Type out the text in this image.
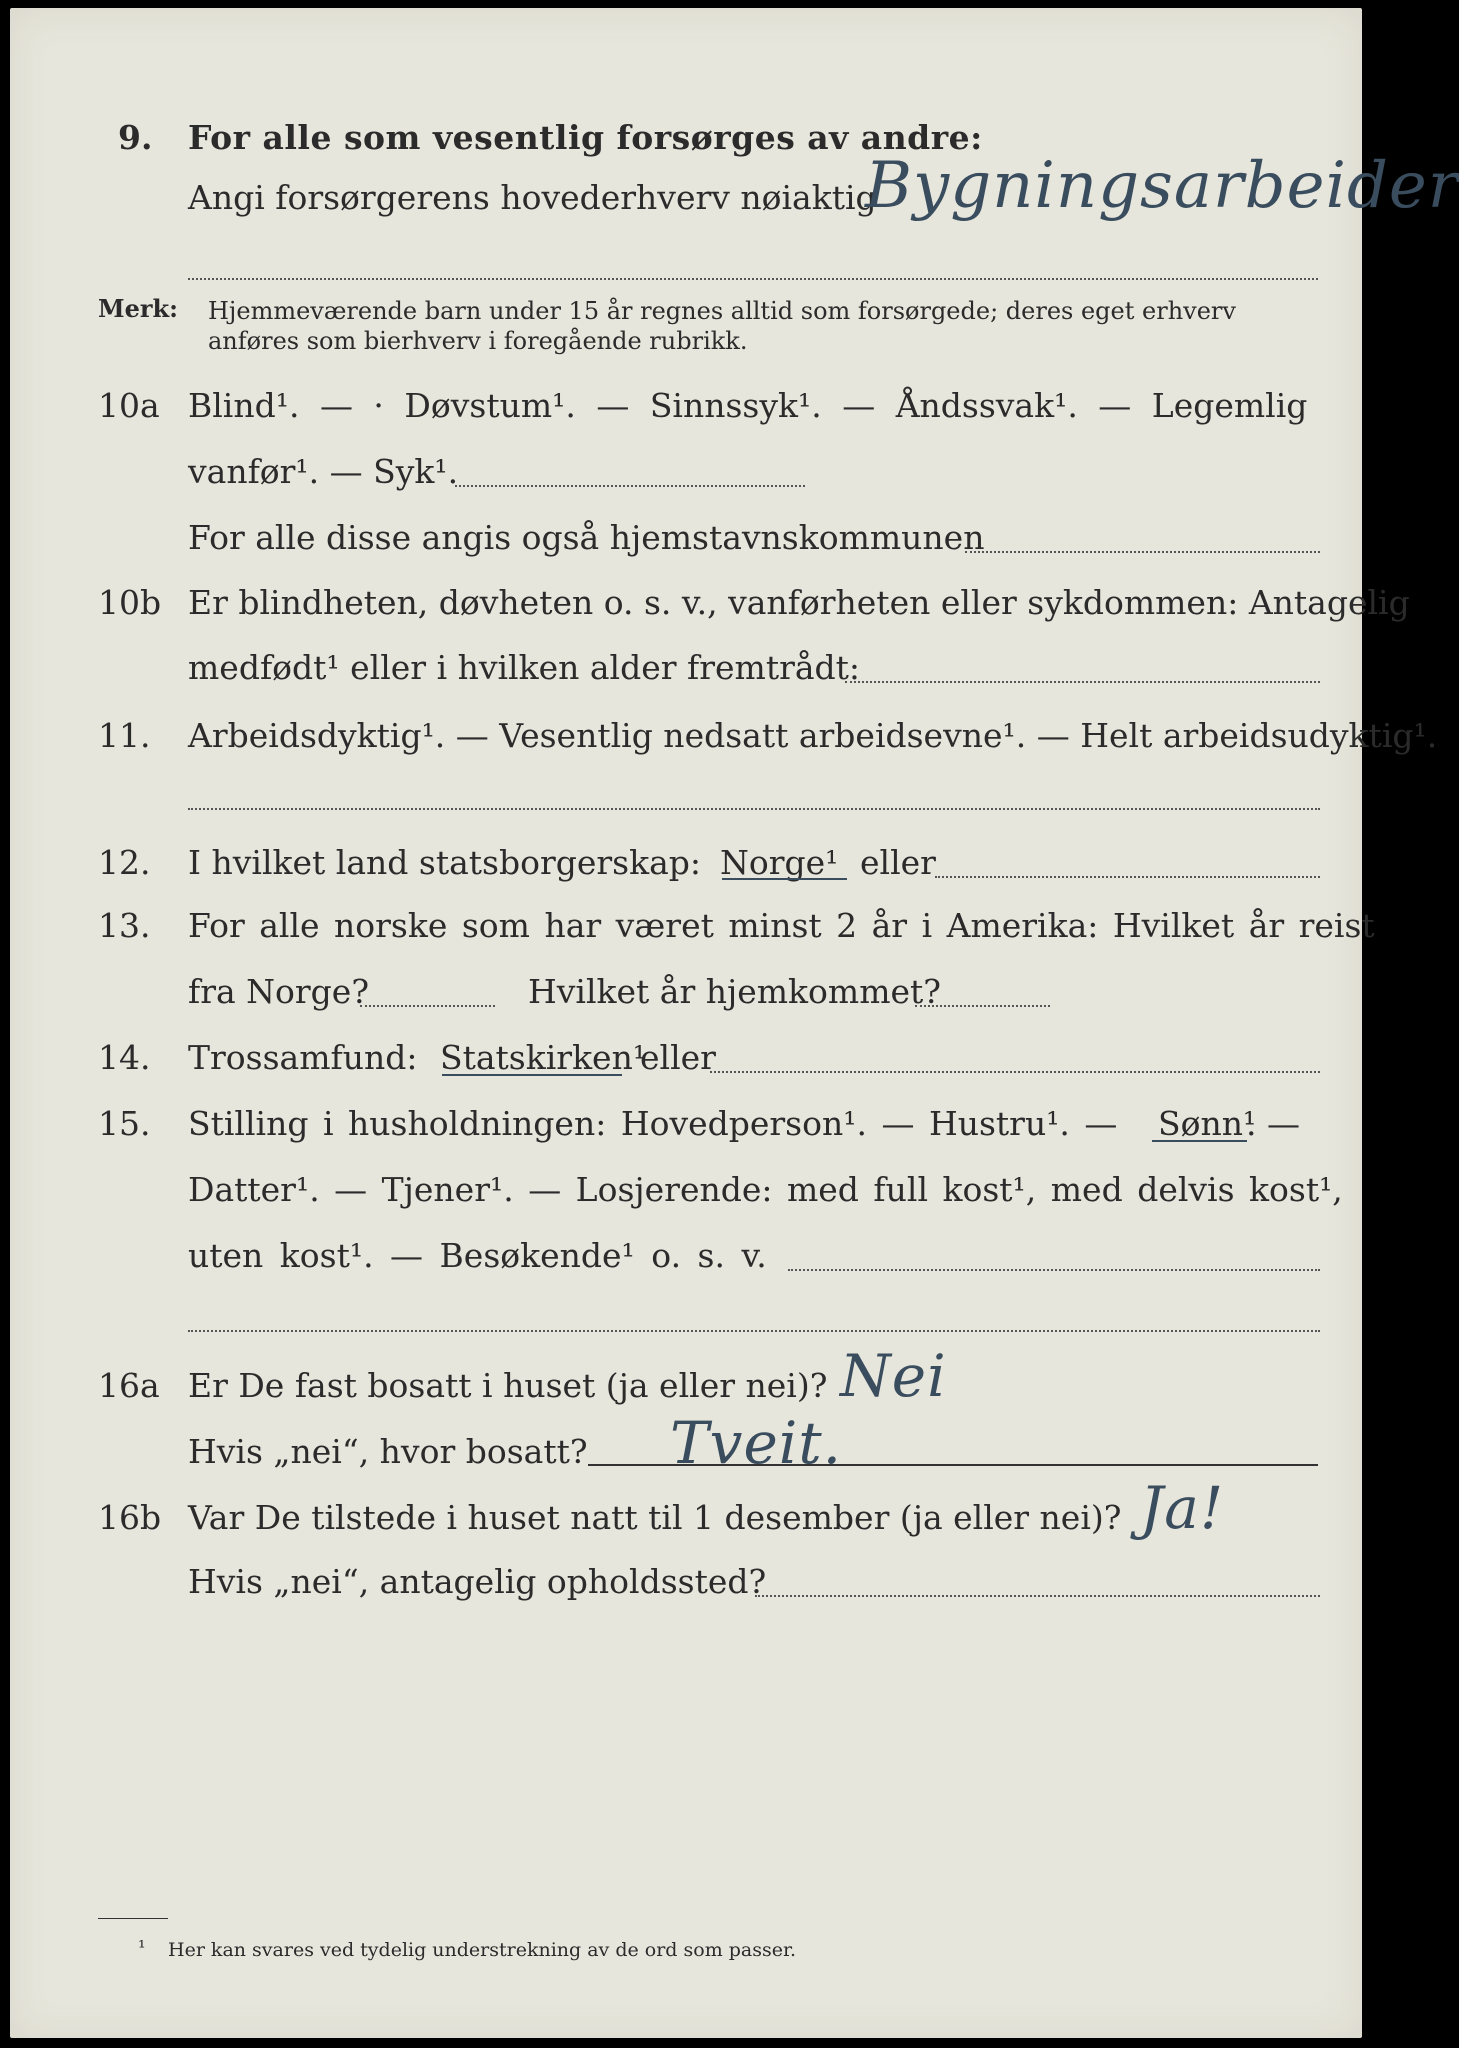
9. For alle som vesentlig forsørges av andre:
Angi forsørgerens hovederhverv nøiaktig
Bygningsarbeider
Merk: Hjemmeværende barn under 15 år regnes alltid som forsørgede; deres eget erhverv
anføres som bierhverv i foregående rubrikk.
10a Blind¹. — · Døvstum¹. — Sinnssyk¹. — Åndssvak¹. — Legemlig
vanfør¹. — Syk¹.
For alle disse angis også hjemstavnskommunen
10b Er blindheten, døvheten o. s. v., vanførheten eller sykdommen: Antagelig
medfødt¹ eller i hvilken alder fremtrådt:
11. Arbeidsdyktig¹. — Vesentlig nedsatt arbeidsevne¹. — Helt arbeidsudyktig¹.
12. I hvilket land statsborgerskap: Norge¹ eller
13. For alle norske som har været minst 2 år i Amerika: Hvilket år reist
fra Norge?	Hvilket år hjemkommet?
14. Trossamfund: Statskirken¹
eller
15. Stilling i husholdningen: Hovedperson¹. — Hustru¹. — Sønn¹
. —
Datter¹. — Tjener¹. — Losjerende: med full kost¹, med delvis kost¹,
uten kost¹. — Besøkende¹ o. s. v.
16a Er De fast bosatt i huset (ja eller nei)? Nei
Hvis „nei“, hvor bosatt? Tveit.
16b Var De tilstede i huset natt til 1 desember (ja eller nei)? Ja!
Hvis „nei“, antagelig opholdssted?
¹ Her kan svares ved tydelig understrekning av de ord som passer.
